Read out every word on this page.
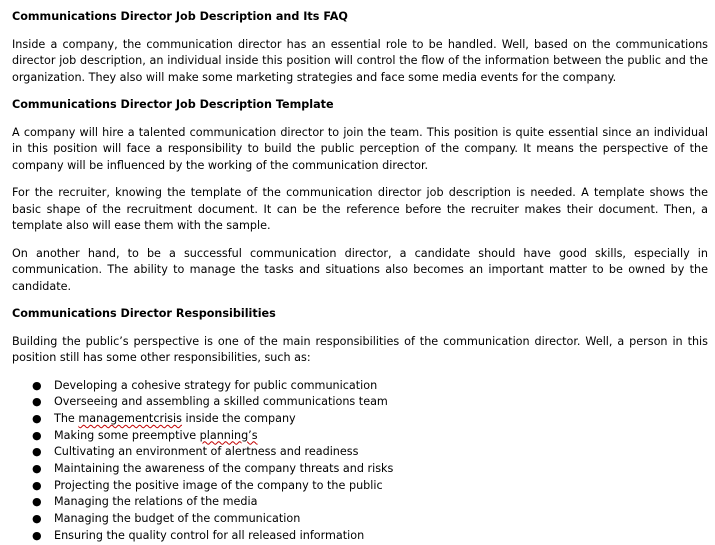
Communications Director Job Description and Its FAQ

Inside a company, the communication director has an essential role to be handled. Well, based on the communications director job description, an individual inside this position will control the flow of the information between the public and the organization. They also will make some marketing strategies and face some media events for the company.

Communications Director Job Description Template

A company will hire a talented communication director to join the team. This position is quite essential since an individual in this position will face a responsibility to build the public perception of the company. It means the perspective of the company will be influenced by the working of the communication director.

For the recruiter, knowing the template of the communication director job description is needed. A template shows the basic shape of the recruitment document. It can be the reference before the recruiter makes their document. Then, a template also will ease them with the sample.

On another hand, to be a successful communication director, a candidate should have good skills, especially in communication. The ability to manage the tasks and situations also becomes an important matter to be owned by the candidate.

Communications Director Responsibilities

Building the public’s perspective is one of the main responsibilities of the communication director. Well, a person in this position still has some other responsibilities, such as:

● Developing a cohesive strategy for public communication
● Overseeing and assembling a skilled communications team
● The managementcrisis inside the company
● Making some preemptive planning’s
● Cultivating an environment of alertness and readiness
● Maintaining the awareness of the company threats and risks
● Projecting the positive image of the company to the public
● Managing the relations of the media
● Managing the budget of the communication
● Ensuring the quality control for all released information
